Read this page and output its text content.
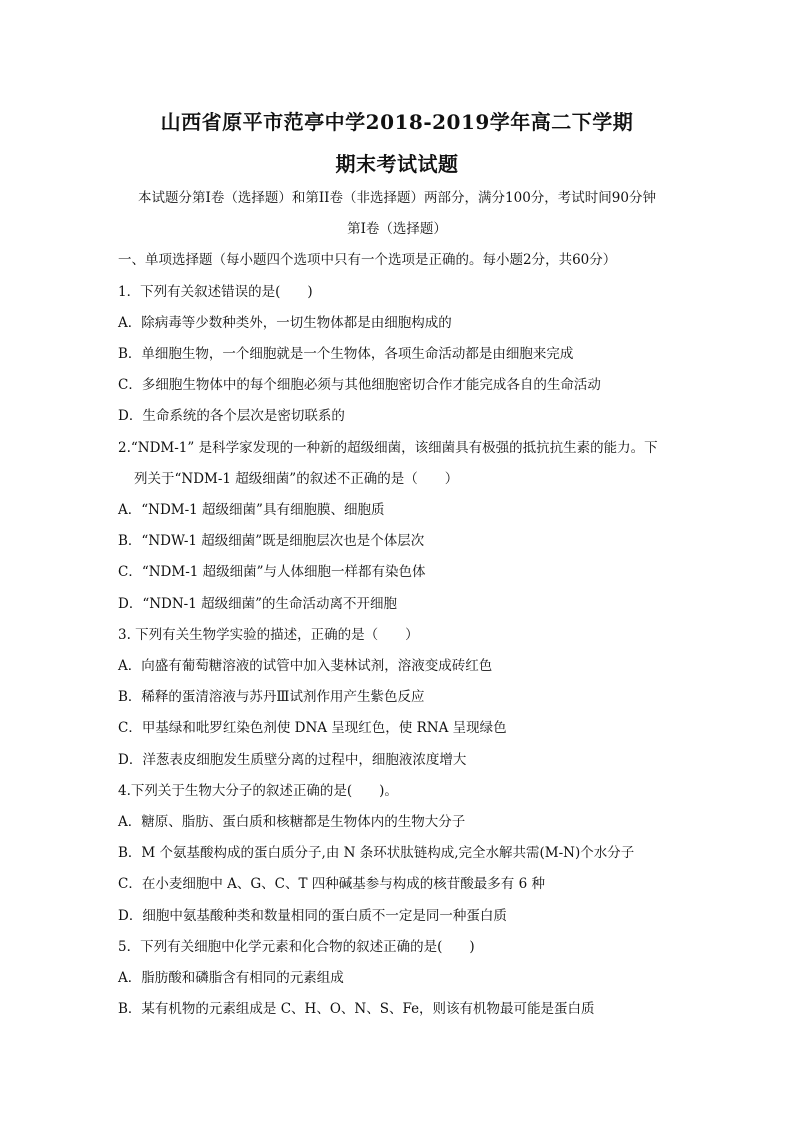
山西省原平市范亭中学2018-2019学年高二下学期
期末考试试题
本试题分第I卷（选择题）和第II卷（非选择题）两部分，满分100分，考试时间90分钟
第I卷（选择题）
一、单项选择题（每小题四个选项中只有一个选项是正确的。每小题2分，共60分）
1．下列有关叙述错误的是(　　)
A．除病毒等少数种类外，一切生物体都是由细胞构成的
B．单细胞生物，一个细胞就是一个生物体，各项生命活动都是由细胞来完成
C．多细胞生物体中的每个细胞必须与其他细胞密切合作才能完成各自的生命活动
D．生命系统的各个层次是密切联系的
2.“NDM-1” 是科学家发现的一种新的超级细菌，该细菌具有极强的抵抗抗生素的能力。下
列关于“NDM-1 超级细菌”的叙述不正确的是（　　）
A．“NDM-1 超级细菌”具有细胞膜、细胞质
B．“NDW-1 超级细菌”既是细胞层次也是个体层次
C．“NDM-1 超级细菌”与人体细胞一样都有染色体
D．“NDN-1 超级细菌”的生命活动离不开细胞
3. 下列有关生物学实验的描述，正确的是（　　）
A．向盛有葡萄糖溶液的试管中加入斐林试剂，溶液变成砖红色
B．稀释的蛋清溶液与苏丹Ⅲ试剂作用产生紫色反应
C．甲基绿和吡罗红染色剂使 DNA 呈现红色，使 RNA 呈现绿色
D．洋葱表皮细胞发生质壁分离的过程中，细胞液浓度增大
4.下列关于生物大分子的叙述正确的是(　　)。
A．糖原、脂肪、蛋白质和核糖都是生物体内的生物大分子
B．M 个氨基酸构成的蛋白质分子,由 N 条环状肽链构成,完全水解共需(M-N)个水分子
C．在小麦细胞中 A、G、C、T 四种碱基参与构成的核苷酸最多有 6 种
D．细胞中氨基酸种类和数量相同的蛋白质不一定是同一种蛋白质
5．下列有关细胞中化学元素和化合物的叙述正确的是(　　)
A．脂肪酸和磷脂含有相同的元素组成
B．某有机物的元素组成是 C、H、O、N、S、Fe，则该有机物最可能是蛋白质
